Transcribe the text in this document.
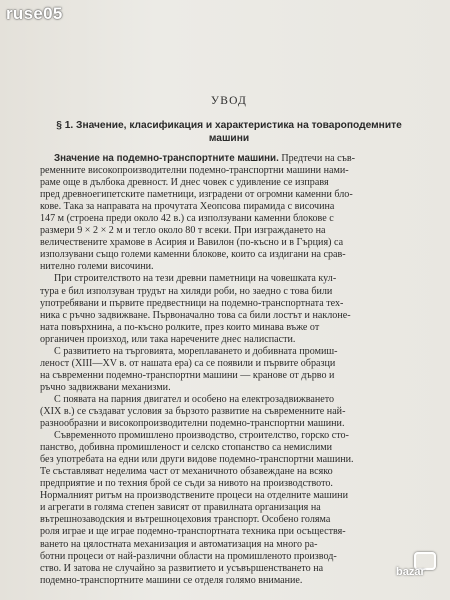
ruse05
УВОД
§ 1. Значение, класификация и характеристика на товароподемните
машини
Значение на подемно-транспортните машини. Предтечи на съв-
ременните високопроизводителни подемно-транспортни машини нами-
раме още в дълбока древност. И днес човек с удивление се изправя
пред древноегипетските паметници, изградени от огромни каменни бло-
кове. Така за направата на прочутата Хеопсова пирамида с височина
147 м (строена преди около 42 в.) са използувани каменни блокове с
размери 9 × 2 × 2 м и тегло около 80 т всеки. При изграждането на
величествените храмове в Асирия и Вавилон (по-късно и в Гърция) са
използувани също големи каменни блокове, които са издигани на срав-
нително големи височини.
При строителството на тези древни паметници на човешката кул-
тура е бил използуван трудът на хиляди роби, но заедно с това били
употребявани и първите предвестници на подемно-транспортната тех-
ника с ръчно задвижване. Първоначално това са били лостът и наклоне-
ната повърхнина, а по-късно ролките, през които минава въже от
органичен произход, или така наречените днес налиспасти.
С развитието на търговията, мореплаването и добивната промиш-
леност (XIII—XV в. от нашата ера) са се появили и първите образци
на съвременни подемно-транспортни машини — кранове от дърво и
ръчно задвижвани механизми.
С появата на парния двигател и особено на електрозадвижването
(XIX в.) се създават условия за бързото развитие на съвременните най-
разнообразни и високопроизводителни подемно-транспортни машини.
Съвременното промишлено производство, строителство, горско сто-
панство, добивна промишленост и селско стопанство са немислими
без употребата на едни или други видове подемно-транспортни машини.
Те съставляват неделима част от механичното обзавеждане на всяко
предприятие и по техния брой се съди за нивото на производството.
Нормалният ритъм на производствените процеси на отделните машини
и агрегати в голяма степен зависят от правилната организация на
вътрешнозаводския и вътрешноцеховия транспорт. Особено голяма
роля играе и ще играе подемно-транспортната техника при осъществя-
ването на цялостната механизация и автоматизация на много ра-
ботни процеси от най-различни области на промишленото производ-
ство. И затова не случайно за развитието и усъвършенстването на
подемно-транспортните машини се отделя голямо внимание.
bazar
